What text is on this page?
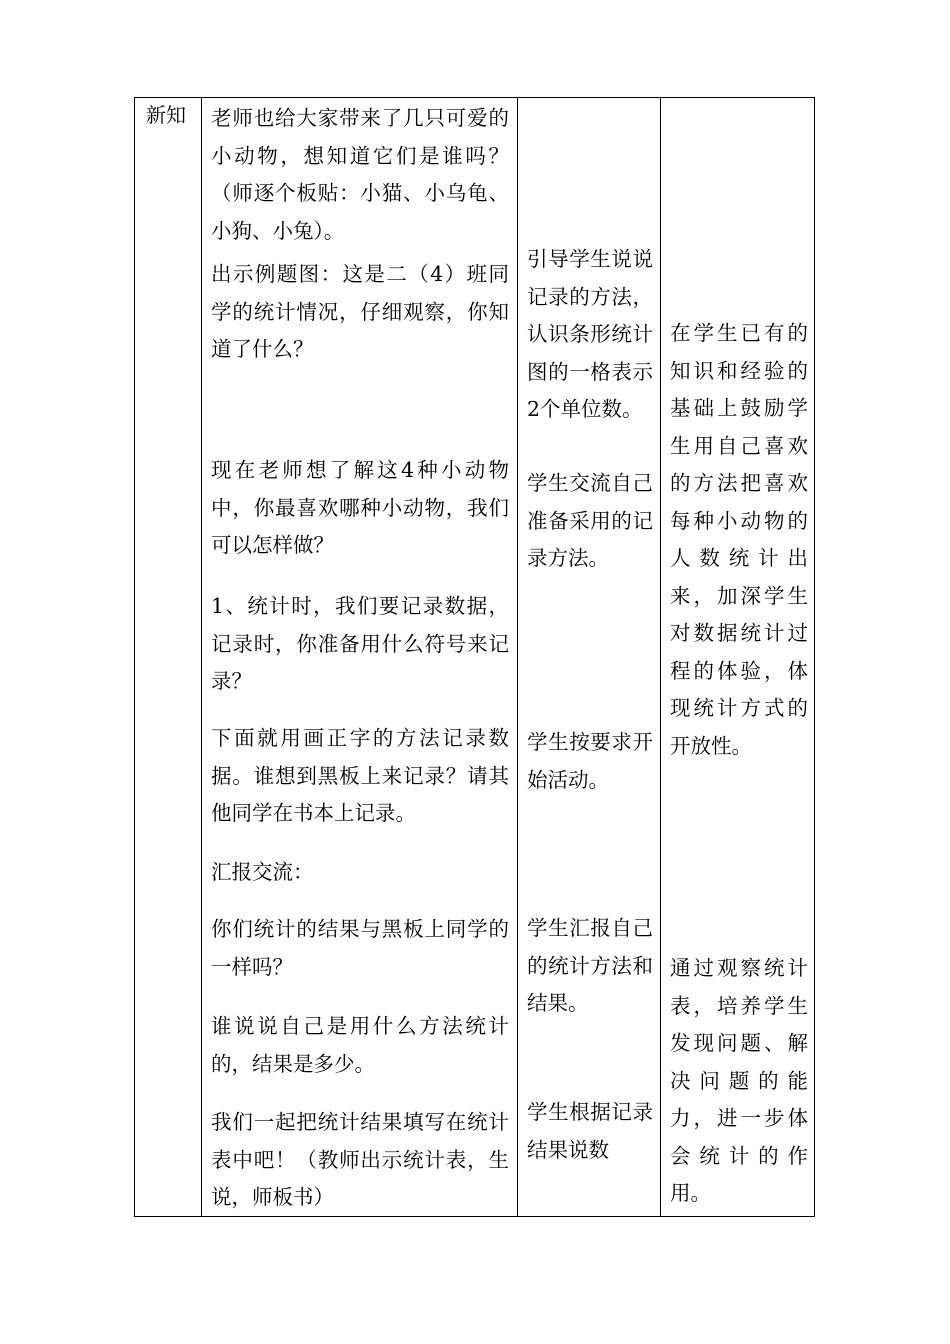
新知 老师也给大家带来了几只可爱的小动物，想知道它们是谁吗？（师逐个板贴：小猫、小乌龟、小狗、小兔）。
出示例题图：这是二（4）班同学的统计情况，仔细观察，你知道了什么？
现在老师想了解这4种小动物中，你最喜欢哪种小动物，我们可以怎样做？
1、统计时，我们要记录数据，记录时，你准备用什么符号来记录？
下面就用画正字的方法记录数据。谁想到黑板上来记录？请其他同学在书本上记录。
汇报交流：
你们统计的结果与黑板上同学的一样吗？
谁说说自己是用什么方法统计的，结果是多少。
我们一起把统计结果填写在统计表中吧！（教师出示统计表，生说，师板书）
引导学生说说记录的方法，认识条形统计图的一格表示2个单位数。
学生交流自己准备采用的记录方法。
学生按要求开始活动。
学生汇报自己的统计方法和结果。
学生根据记录结果说数
在学生已有的知识和经验的基础上鼓励学生用自己喜欢的方法把喜欢每种小动物的人数统计出来，加深学生对数据统计过程的体验，体现统计方式的开放性。
通过观察统计表，培养学生发现问题、解决问题的能力，进一步体会统计的作用。
